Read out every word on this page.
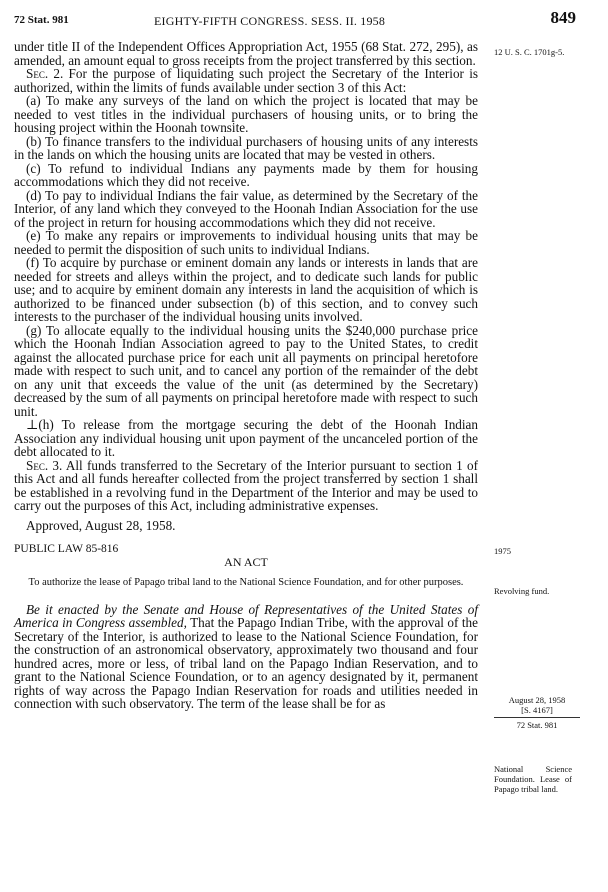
72 Stat. 981	EIGHTY-FIFTH CONGRESS. SESS. II. 1958	849

under title II of the Independent Offices Appropriation Act, 1955 (68 Stat. 272, 295), as amended, an amount equal to gross receipts from the project transferred by this section.

Sec. 2. For the purpose of liquidating such project the Secretary of the Interior is authorized, within the limits of funds available under section 3 of this Act:

(a) To make any surveys of the land on which the project is located that may be needed to vest titles in the individual purchasers of housing units, or to bring the housing project within the Hoonah townsite.

(b) To finance transfers to the individual purchasers of housing units of any interests in the lands on which the housing units are located that may be vested in others.

(c) To refund to individual Indians any payments made by them for housing accommodations which they did not receive.

(d) To pay to individual Indians the fair value, as determined by the Secretary of the Interior, of any land which they conveyed to the Hoonah Indian Association for the use of the project in return for housing accommodations which they did not receive.

(e) To make any repairs or improvements to individual housing units that may be needed to permit the disposition of such units to individual Indians.

(f) To acquire by purchase or eminent domain any lands or interests in lands that are needed for streets and alleys within the project, and to dedicate such lands for public use; and to acquire by eminent domain any interests in land the acquisition of which is authorized to be financed under subsection (b) of this section, and to convey such interests to the purchaser of the individual housing units involved.

(g) To allocate equally to the individual housing units the $240,000 purchase price which the Hoonah Indian Association agreed to pay to the United States, to credit against the allocated purchase price for each unit all payments on principal heretofore made with respect to such unit, and to cancel any portion of the remainder of the debt on any unit that exceeds the value of the unit (as determined by the Secretary) decreased by the sum of all payments on principal heretofore made with respect to such unit.

⊥(h) To release from the mortgage securing the debt of the Hoonah Indian Association any individual housing unit upon payment of the uncanceled portion of the debt allocated to it.

Sec. 3. All funds transferred to the Secretary of the Interior pursuant to section 1 of this Act and all funds hereafter collected from the project transferred by section 1 shall be established in a revolving fund in the Department of the Interior and may be used to carry out the purposes of this Act, including administrative expenses.

Approved, August 28, 1958.

PUBLIC LAW 85-816
AN ACT
To authorize the lease of Papago tribal land to the National Science Foundation, and for other purposes.

Be it enacted by the Senate and House of Representatives of the United States of America in Congress assembled, That the Papago Indian Tribe, with the approval of the Secretary of the Interior, is authorized to lease to the National Science Foundation, for the construction of an astronomical observatory, approximately two thousand and four hundred acres, more or less, of tribal land on the Papago Indian Reservation, and to grant to the National Science Foundation, or to an agency designated by it, permanent rights of way across the Papago Indian Reservation for roads and utilities needed in connection with such observatory. The term of the lease shall be for as

12 U. S. C. 1701g-5.
1975
Revolving fund.
August 28, 1958
[S. 4167]
72 Stat. 981
National Science Foundation. Lease of Papago tribal land.
